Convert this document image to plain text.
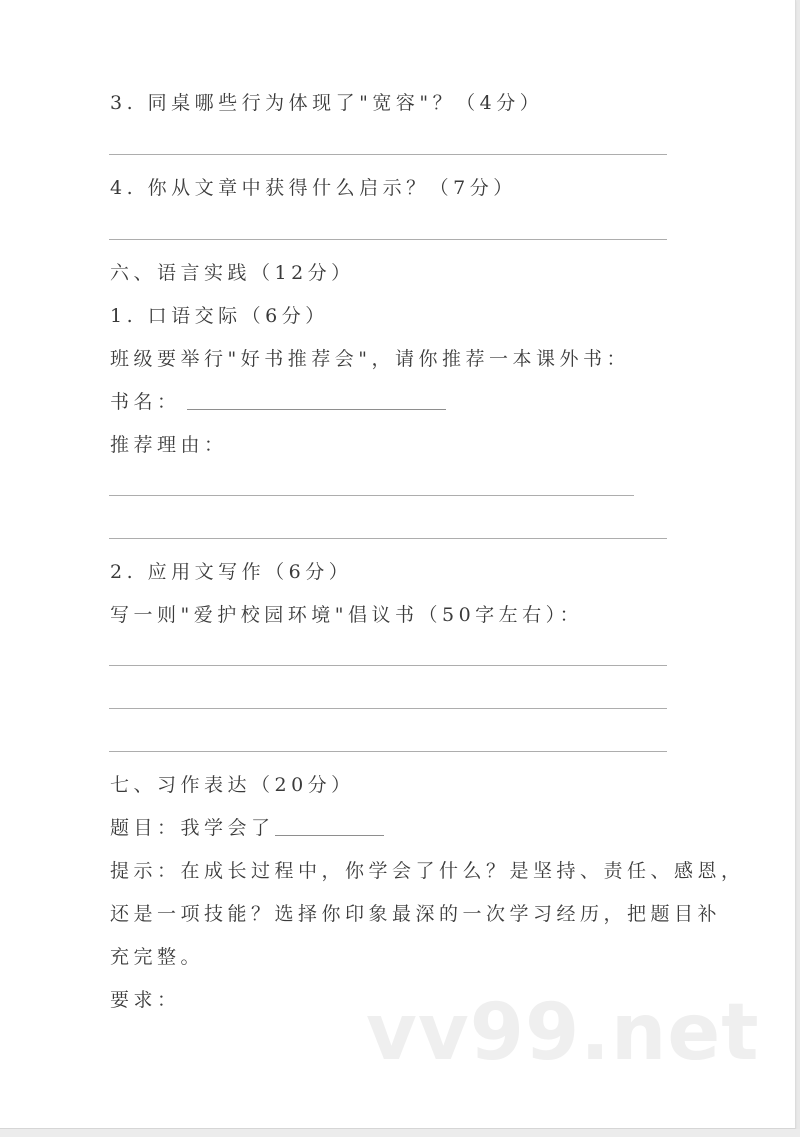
3. 同桌哪些行为体现了"宽容"？（4分）
4. 你从文章中获得什么启示？（7分）
六、语言实践（12分）
1. 口语交际（6分）
班级要举行"好书推荐会"，请你推荐一本课外书：
书名：
推荐理由：
2. 应用文写作（6分）
写一则"爱护校园环境"倡议书（50字左右）：
七、习作表达（20分）
题目：我学会了
提示：在成长过程中，你学会了什么？是坚持、责任、感恩，
还是一项技能？选择你印象最深的一次学习经历，把题目补
充完整。
要求： vv99.net
